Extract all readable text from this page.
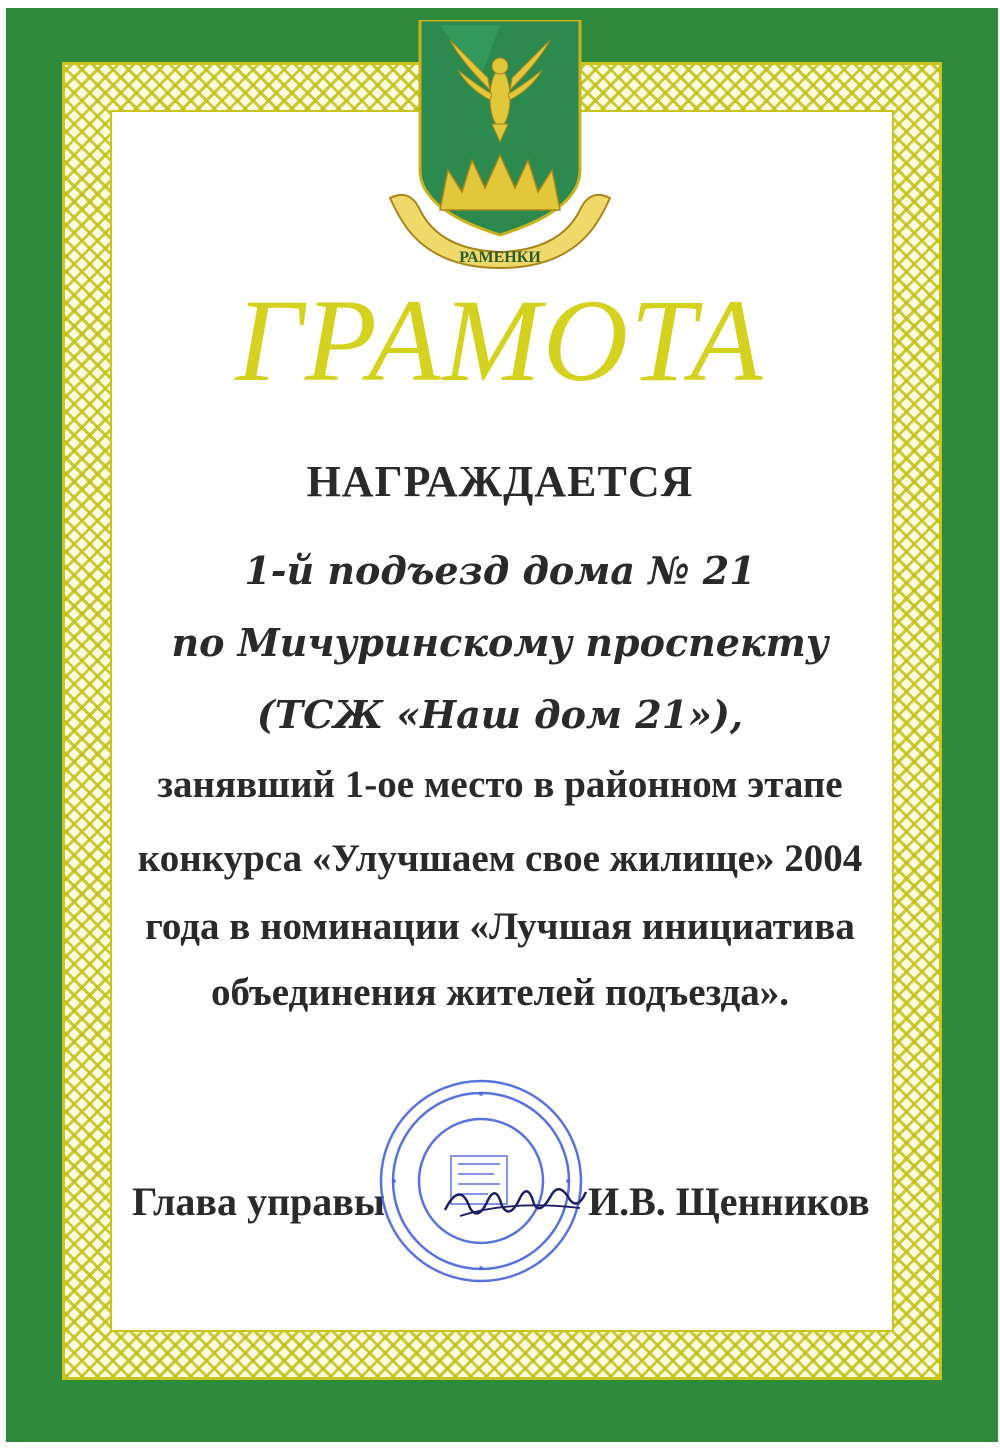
РАМЕНКИ
ГРАМОТА
НАГРАЖДАЕТСЯ
1-й подъезд дома № 21
по Мичуринскому проспекту
(ТСЖ «Наш дом 21»),
занявший 1-ое место в районном этапе
конкурса «Улучшаем свое жилище» 2004
года в номинации «Лучшая инициатива
объединения жителей подъезда».
Глава управы	И.В. Щенников
